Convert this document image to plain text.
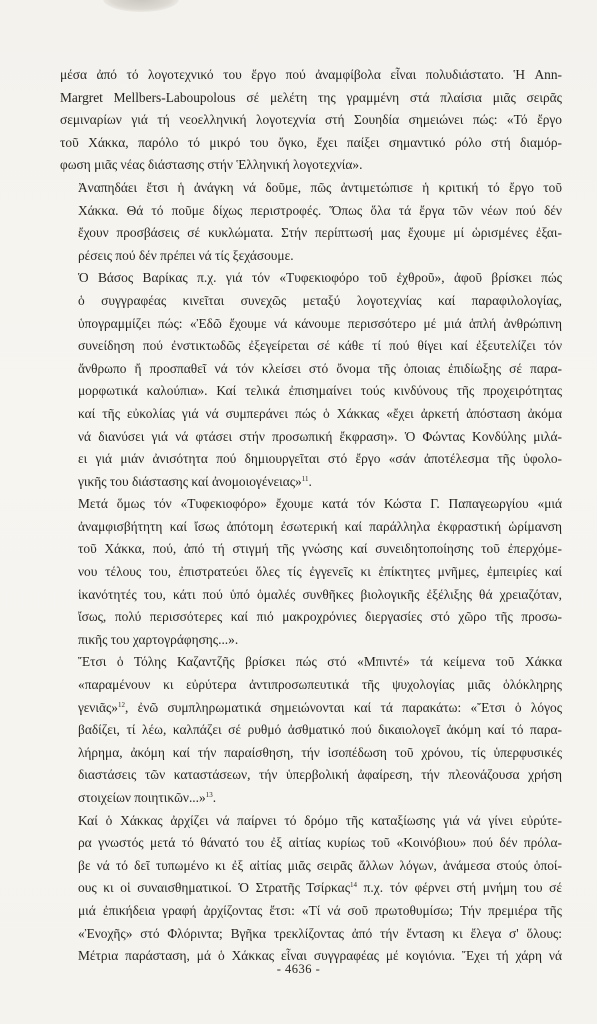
μέσα ἀπό τό λογοτεχνικό του ἔργο πού ἀναμφίβολα εἶναι πολυδιάστατο. Ἡ Ann-
Margret Mellbers-Laboupolous σέ μελέτη της γραμμένη στά πλαίσια μιᾶς σειρᾶς
σεμιναρίων γιά τή νεοελληνική λογοτεχνία στή Σουηδία σημειώνει πώς: «Τό ἔργο
τοῦ Χάκκα, παρόλο τό μικρό του ὄγκο, ἔχει παίξει σημαντικό ρόλο στή διαμόρ-
φωση μιᾶς νέας διάστασης στήν Ἑλληνική λογοτεχνία».
Ἀναπηδάει ἔτσι ἡ ἀνάγκη νά δοῦμε, πῶς ἀντιμετώπισε ἡ κριτική τό ἔργο τοῦ
Χάκκα. Θά τό ποῦμε δίχως περιστροφές. Ὅπως ὅλα τά ἔργα τῶν νέων πού δέν
ἔχουν προσβάσεις σέ κυκλώματα. Στήν περίπτωσή μας ἔχουμε μί ὡρισμένες ἐξαι-
ρέσεις πού δέν πρέπει νά τίς ξεχάσουμε.
Ὁ Βάσος Βαρίκας π.χ. γιά τόν «Τυφεκιοφόρο τοῦ ἐχθροῦ», ἀφοῦ βρίσκει πώς
ὁ συγγραφέας κινεῖται συνεχῶς μεταξύ λογοτεχνίας καί παραφιλολογίας,
ὑπογραμμίζει πώς: «Ἐδῶ ἔχουμε νά κάνουμε περισσότερο μέ μιά ἁπλή ἀνθρώπινη
συνείδηση πού ἐνστικτωδῶς ἐξεγείρεται σέ κάθε τί πού θίγει καί ἐξευτελίζει τόν
ἄνθρωπο ἤ προσπαθεῖ νά τόν κλείσει στό ὄνομα τῆς ὁποιας ἐπιδίωξης σέ παρα-
μορφωτικά καλούπια». Καί τελικά ἐπισημαίνει τούς κινδύνους τῆς προχειρότητας
καί τῆς εὐκολίας γιά νά συμπεράνει πώς ὁ Χάκκας «ἔχει ἀρκετή ἀπόσταση ἀκόμα
νά διανύσει γιά νά φτάσει στήν προσωπική ἔκφραση». Ὁ Φώντας Κονδύλης μιλά-
ει γιά μιάν ἀνισότητα πού δημιουργεῖται στό ἔργο «σάν ἀποτέλεσμα τῆς ὑφολο-
γικῆς του διάστασης καί ἀνομοιογένειας»$^{11}$.
Μετά ὅμως τόν «Τυφεκιοφόρο» ἔχουμε κατά τόν Κώστα Γ. Παπαγεωργίου «μιά
ἀναμφισβήτητη καί ἴσως ἀπότομη ἐσωτερική καί παράλληλα ἐκφραστική ὡρίμανση
τοῦ Χάκκα, πού, ἀπό τή στιγμή τῆς γνώσης καί συνειδητοποίησης τοῦ ἐπερχόμε-
νου τέλους του, ἐπιστρατεύει ὅλες τίς ἐγγενεῖς κι ἐπίκτητες μνῆμες, ἐμπειρίες καί
ἱκανότητές του, κάτι πού ὑπό ὁμαλές συνθῆκες βιολογικῆς ἐξέλιξης θά χρειαζόταν,
ἴσως, πολύ περισσότερες καί πιό μακροχρόνιες διεργασίες στό χῶρο τῆς προσω-
πικῆς του χαρτογράφησης...».
Ἔτσι ὁ Τόλης Καζαντζῆς βρίσκει πώς στό «Μπιντέ» τά κείμενα τοῦ Χάκκα
«παραμένουν κι εὐρύτερα ἀντιπροσωπευτικά τῆς ψυχολογίας μιᾶς ὁλόκληρης
γενιᾶς»$^{12}$, ἐνῶ συμπληρωματικά σημειώνονται καί τά παρακάτω: «Ἔτσι ὁ λόγος
βαδίζει, τί λέω, καλπάζει σέ ρυθμό ἀσθματικό πού δικαιολογεῖ ἀκόμη καί τό παρα-
λήρημα, ἀκόμη καί τήν παραίσθηση, τήν ἰσοπέδωση τοῦ χρόνου, τίς ὑπερφυσικές
διαστάσεις τῶν καταστάσεων, τήν ὑπερβολική ἀφαίρεση, τήν πλεονάζουσα χρήση
στοιχείων ποιητικῶν...»$^{13}$.
Καί ὁ Χάκκας ἀρχίζει νά παίρνει τό δρόμο τῆς καταξίωσης γιά νά γίνει εὐρύτε-
ρα γνωστός μετά τό θάνατό του ἐξ αἰτίας κυρίως τοῦ «Κοινόβιου» πού δέν πρόλα-
βε νά τό δεῖ τυπωμένο κι ἐξ αἰτίας μιᾶς σειρᾶς ἄλλων λόγων, ἀνάμεσα στούς ὁποί-
ους κι οἱ συναισθηματικοί. Ὁ Στρατῆς Τσίρκας$^{14}$ π.χ. τόν φέρνει στή μνήμη του σέ
μιά ἐπικήδεια γραφή ἀρχίζοντας ἔτσι: «Τί νά σοῦ πρωτοθυμίσω; Τήν πρεμιέρα τῆς
«Ἐνοχῆς» στό Φλόριντα; Βγῆκα τρεκλίζοντας ἀπό τήν ἔνταση κι ἔλεγα σ' ὅλους:
Μέτρια παράσταση, μά ὁ Χάκκας εἶναι συγγραφέας μέ κογιόνια. Ἔχει τή χάρη νά
- 4636 -
